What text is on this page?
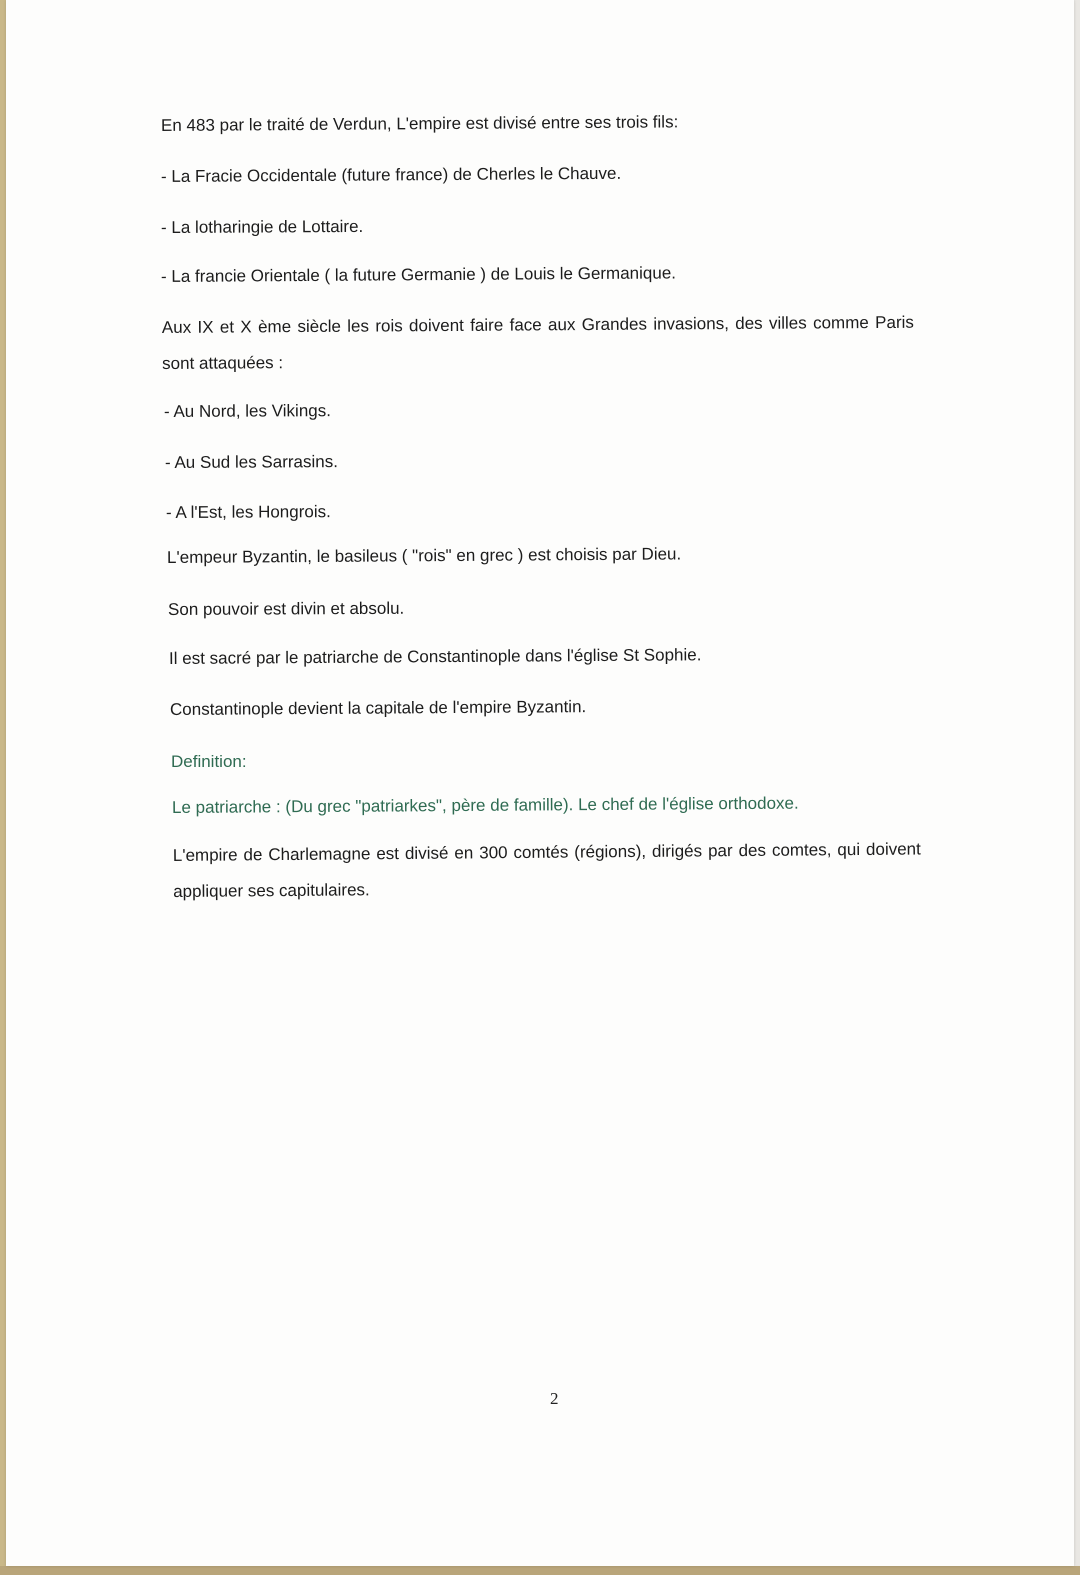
En 483 par le traité de Verdun, L'empire est divisé entre ses trois fils:
- La Fracie Occidentale (future france) de Cherles le Chauve.
- La lotharingie de Lottaire.
- La francie Orientale ( la future Germanie ) de Louis le Germanique.
Aux IX et X ème siècle les rois doivent faire face aux Grandes invasions, des villes comme Paris sont attaquées :
- Au Nord, les Vikings.
- Au Sud les Sarrasins.
- A l'Est, les Hongrois.
L'empeur Byzantin, le basileus ( "rois" en grec ) est choisis par Dieu.
Son pouvoir est divin et absolu.
Il est sacré par le patriarche de Constantinople dans l'église St Sophie.
Constantinople devient la capitale de l'empire Byzantin.
Definition:
Le patriarche : (Du grec "patriarkes", père de famille). Le chef de l'église orthodoxe.
L'empire de Charlemagne est divisé en 300 comtés (régions), dirigés par des comtes, qui doivent appliquer ses capitulaires.
2
